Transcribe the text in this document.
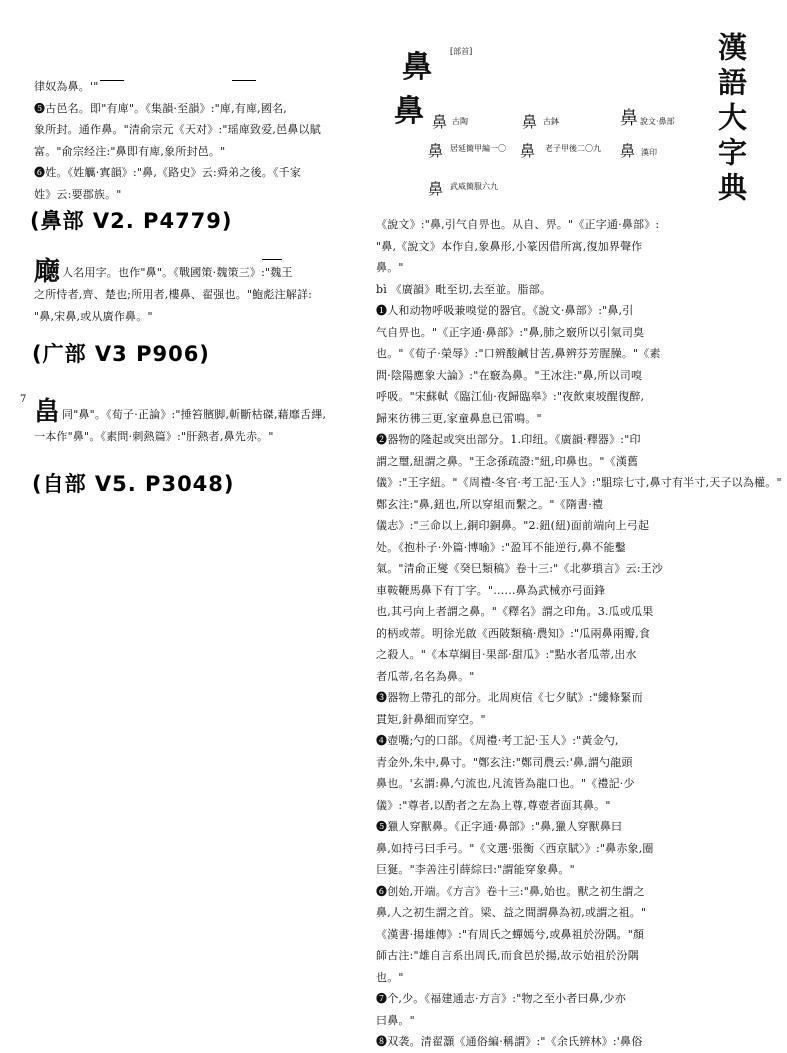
漢語大字典

律奴為鼻。'"

❺古邑名。即"有庳"。《集韻·至韻》:"庳,有庳,國名,

象所封。通作鼻。"清俞宗元《天对》:"瑶庳致爱,邑鼻以賦

富。"俞宗经注:"鼻即有庳,象所封邑。"

❻姓。《姓觽·寘韻》:"鼻,《路史》云:舜弟之後。《千家

姓》云:要郡族。"

(鼻部 V2. P4779)
廰 人名用字。也作"鼻"。《戰國策·魏策三》:"魏王

之所恃者,齊、楚也;所用者,樓鼻、翟强也。"鮑彪注解詳:

"鼻,宋鼻,或从廣作鼻。"

(广部 V3 P906)
7 畠 同"鼻"。《荀子·正論》:"捶笞臏脚,斬斷枯磔,藉靡舌縪,

一本作"鼻"。《素問·刺熱篇》:"肝熱者,鼻先赤。"

(自部 V5. P3048)
鼻 [部首]
鼻 鼻 古陶	鼻 古鉢	鼻 說文·鼻部
鼻 居延簡甲編一〇 鼻 老子甲後二〇九	鼻 漢印
鼻 武威簡服六九

《說文》:"鼻,引气自畀也。从自、畀。"《正字通·鼻部》:

"鼻,《說文》本作自,象鼻形,小篆因借所寓,復加界聲作

鼻。"

bì 《廣韻》毗至切,去至並。脂部。

❶人和动物呼吸兼嗅觉的器官。《說文·鼻部》:"鼻,引

气自畀也。"《正字通·鼻部》:"鼻,肺之竅所以引氣司臭

也。"《荀子·榮辱》:"口辨酸鹹甘苦,鼻辨芬芳腥臊。"《素

問·陰陽應象大論》:"在竅為鼻。"王冰注:"鼻,所以司嗅

呼吸。"宋蘇軾《臨江仙·夜歸臨皋》:"夜飲東坡醒復醉,

歸來彷彿三更,家童鼻息已雷鳴。"

❷器物的隆起或突出部分。1.印纽。《廣韻·釋器》:"印

謂之璽,紐謂之鼻。"王念孫疏證:"紐,印鼻也。"《漢舊

儀》:"王字紐。"《周禮·冬官·考工記·玉人》:"駔琮七寸,鼻寸有半寸,天子以為權。"

鄭玄注:"鼻,鈕也,所以穿組而繫之。"《隋書·禮

儀志》:"三命以上,銅印銅鼻。"2.鈕(紐)面前端向上弓起

处。《抱朴子·外篇·博喻》:"盈耳不能逆行,鼻不能鑿

氣。"清俞正燮《癸巳類稿》卷十三:"《北夢瑣言》云:王沙

車鞍鞭馬鼻下有丁字。"……鼻為武械亦弓面鋒

也,其弓向上者謂之鼻。"《釋名》謂之印角。3.瓜或瓜果

的柄或蒂。明徐光啟《西陂類稿·農知》:"瓜兩鼻兩瓣,食

之殺人。"《本草綱目·果部·甜瓜》:"點水者瓜蒂,出水

者瓜蒂,名名為鼻。"

❸器物上帶孔的部分。北周庾信《七夕賦》:"縷條緊而

貫矩,針鼻細而穿空。"

❹壺嘴;勺的口部。《周禮·考工記·玉人》:"黃金勺,

青金外,朱中,鼻寸。"鄭玄注:"鄭司農云:'鼻,謂勺龍頭

鼻也。'玄謂:鼻,勺流也,凡流皆為龍口也。"《禮記·少

儀》:"尊者,以酌者之左為上尊,尊壺者面其鼻。"

❺獵人穿獸鼻。《正字通·鼻部》:"鼻,獵人穿獸鼻曰

鼻,如持弓曰手弓。"《文選·張衡〈西京賦〉》:"鼻赤象,圈

巨狿。"李善注引薛綜曰:"謂能穿象鼻。"

❻创始,开端。《方言》卷十三:"鼻,始也。獸之初生謂之

鼻,人之初生謂之首。梁、益之間謂鼻為初,或謂之祖。"

《漢書·揚雄傳》:"有周氏之蟬嫣兮,或鼻祖於汾隅。"顏

師古注:"雄自言系出周氏,而食邑於揚,故示始祖於汾隅

也。"

❼个,少。《福建通志·方言》:"物之至小者曰鼻,少亦

曰鼻。"

❽双袭。清翟灝《通俗編·稱謂》:"《余氏辨林》:'鼻俗
